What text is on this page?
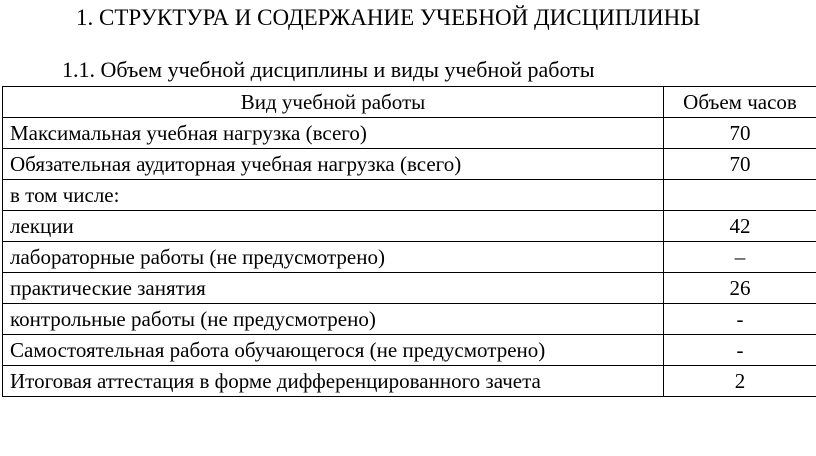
1. СТРУКТУРА И СОДЕРЖАНИЕ УЧЕБНОЙ ДИСЦИПЛИНЫ
1.1. Объем учебной дисциплины и виды учебной работы
Вид учебной работы	Объем часов
Максимальная учебная нагрузка (всего)	70
Обязательная аудиторная учебная нагрузка (всего)	70
в том числе:	
лекции	42
лабораторные работы (не предусмотрено)	–
практические занятия	26
контрольные работы (не предусмотрено)	-
Самостоятельная работа обучающегося (не предусмотрено)	-
Итоговая аттестация в форме дифференцированного зачета	2
